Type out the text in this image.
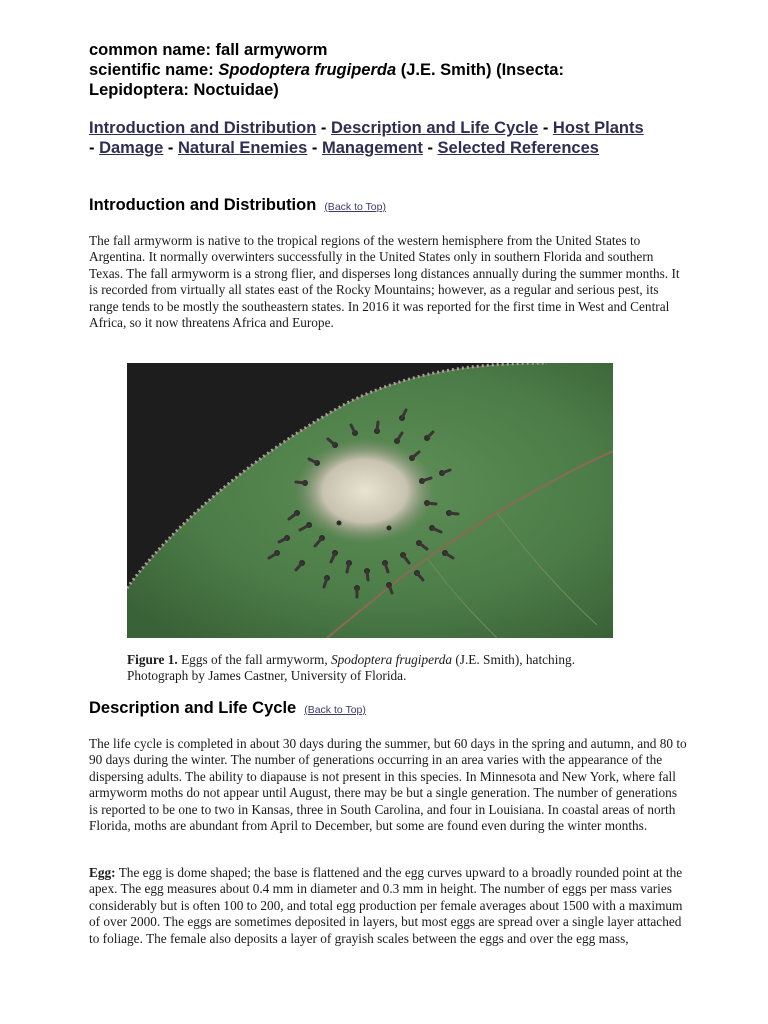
common name: fall armyworm
scientific name: Spodoptera frugiperda (J.E. Smith) (Insecta:
Lepidoptera: Noctuidae)
Introduction and Distribution - Description and Life Cycle - Host Plants - Damage - Natural Enemies - Management - Selected References
Introduction and Distribution (Back to Top)
The fall armyworm is native to the tropical regions of the western hemisphere from the United States to Argentina. It normally overwinters successfully in the United States only in southern Florida and southern Texas. The fall armyworm is a strong flier, and disperses long distances annually during the summer months. It is recorded from virtually all states east of the Rocky Mountains; however, as a regular and serious pest, its range tends to be mostly the southeastern states. In 2016 it was reported for the first time in West and Central Africa, so it now threatens Africa and Europe.
Figure 1. Eggs of the fall armyworm, Spodoptera frugiperda (J.E. Smith), hatching. Photograph by James Castner, University of Florida.
Description and Life Cycle (Back to Top)
The life cycle is completed in about 30 days during the summer, but 60 days in the spring and autumn, and 80 to 90 days during the winter. The number of generations occurring in an area varies with the appearance of the dispersing adults. The ability to diapause is not present in this species. In Minnesota and New York, where fall armyworm moths do not appear until August, there may be but a single generation. The number of generations is reported to be one to two in Kansas, three in South Carolina, and four in Louisiana. In coastal areas of north Florida, moths are abundant from April to December, but some are found even during the winter months.
Egg: The egg is dome shaped; the base is flattened and the egg curves upward to a broadly rounded point at the apex. The egg measures about 0.4 mm in diameter and 0.3 mm in height. The number of eggs per mass varies considerably but is often 100 to 200, and total egg production per female averages about 1500 with a maximum of over 2000. The eggs are sometimes deposited in layers, but most eggs are spread over a single layer attached to foliage. The female also deposits a layer of grayish scales between the eggs and over the egg mass,
